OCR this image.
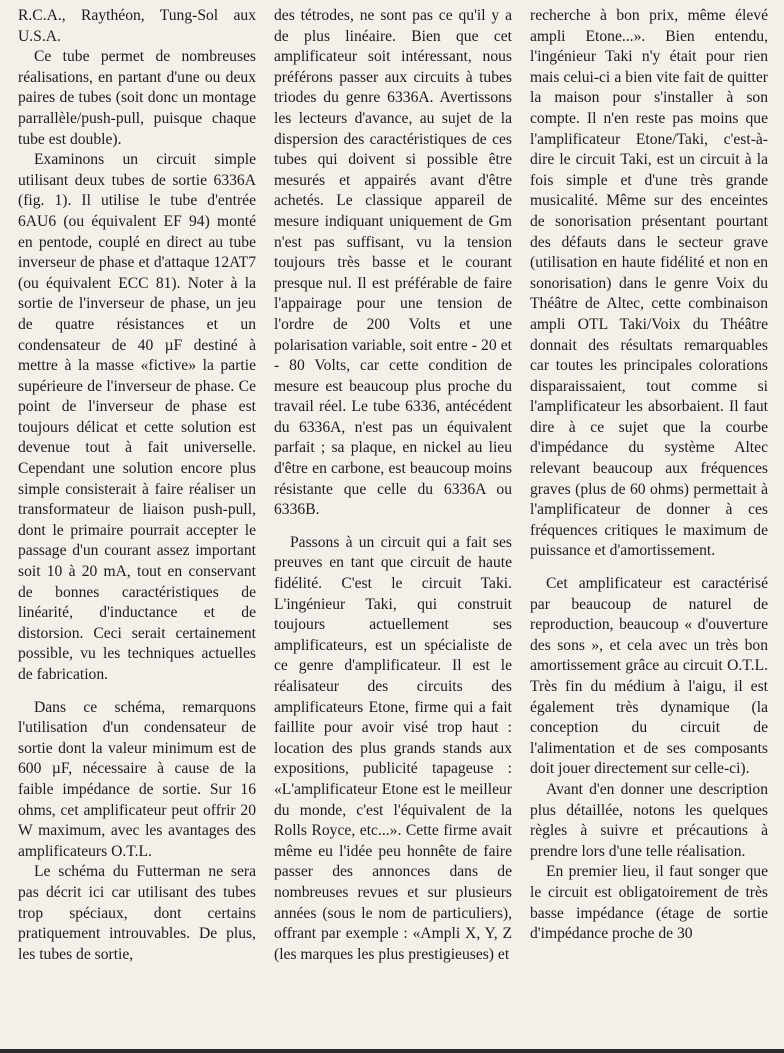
R.C.A., Raythéon, Tung-Sol aux U.S.A.

Ce tube permet de nombreuses réalisations, en partant d'une ou deux paires de tubes (soit donc un montage parrallèle/push-pull, puisque chaque tube est double).

Examinons un circuit simple utilisant deux tubes de sortie 6336A (fig. 1). Il utilise le tube d'entrée 6AU6 (ou équivalent EF 94) monté en pentode, couplé en direct au tube inverseur de phase et d'attaque 12AT7 (ou équivalent ECC 81). Noter à la sortie de l'inverseur de phase, un jeu de quatre résistances et un condensateur de 40 µF destiné à mettre à la masse «fictive» la partie supérieure de l'inverseur de phase. Ce point de l'inverseur de phase est toujours délicat et cette solution est devenue tout à fait universelle. Cependant une solution encore plus simple consisterait à faire réaliser un transformateur de liaison push-pull, dont le primaire pourrait accepter le passage d'un courant assez important soit 10 à 20 mA, tout en conservant de bonnes caractéristiques de linéarité, d'inductance et de distorsion. Ceci serait certainement possible, vu les techniques actuelles de fabrication.

Dans ce schéma, remarquons l'utilisation d'un condensateur de sortie dont la valeur minimum est de 600 µF, nécessaire à cause de la faible impédance de sortie. Sur 16 ohms, cet amplificateur peut offrir 20 W maximum, avec les avantages des amplificateurs O.T.L.

Le schéma du Futterman ne sera pas décrit ici car utilisant des tubes trop spéciaux, dont certains pratiquement introuvables. De plus, les tubes de sortie,

des tétrodes, ne sont pas ce qu'il y a de plus linéaire. Bien que cet amplificateur soit intéressant, nous préférons passer aux circuits à tubes triodes du genre 6336A. Avertissons les lecteurs d'avance, au sujet de la dispersion des caractéristiques de ces tubes qui doivent si possible être mesurés et appairés avant d'être achetés. Le classique appareil de mesure indiquant uniquement de Gm n'est pas suffisant, vu la tension toujours très basse et le courant presque nul. Il est préférable de faire l'appairage pour une tension de l'ordre de 200 Volts et une polarisation variable, soit entre - 20 et - 80 Volts, car cette condition de mesure est beaucoup plus proche du travail réel. Le tube 6336, antécédent du 6336A, n'est pas un équivalent parfait ; sa plaque, en nickel au lieu d'être en carbone, est beaucoup moins résistante que celle du 6336A ou 6336B.

Passons à un circuit qui a fait ses preuves en tant que circuit de haute fidélité. C'est le circuit Taki. L'ingénieur Taki, qui construit toujours actuellement ses amplificateurs, est un spécialiste de ce genre d'amplificateur. Il est le réalisateur des circuits des amplificateurs Etone, firme qui a fait faillite pour avoir visé trop haut : location des plus grands stands aux expositions, publicité tapageuse : «L'amplificateur Etone est le meilleur du monde, c'est l'équivalent de la Rolls Royce, etc...». Cette firme avait même eu l'idée peu honnête de faire passer des annonces dans de nombreuses revues et sur plusieurs années (sous le nom de particuliers), offrant par exemple : «Ampli X, Y, Z (les marques les plus prestigieuses) et

recherche à bon prix, même élevé ampli Etone...». Bien entendu, l'ingénieur Taki n'y était pour rien mais celui-ci a bien vite fait de quitter la maison pour s'installer à son compte. Il n'en reste pas moins que l'amplificateur Etone/Taki, c'est-à-dire le circuit Taki, est un circuit à la fois simple et d'une très grande musicalité. Même sur des enceintes de sonorisation présentant pourtant des défauts dans le secteur grave (utilisation en haute fidélité et non en sonorisation) dans le genre Voix du Théâtre de Altec, cette combinaison ampli OTL Taki/Voix du Théâtre donnait des résultats remarquables car toutes les principales colorations disparaissaient, tout comme si l'amplificateur les absorbaient. Il faut dire à ce sujet que la courbe d'impédance du système Altec relevant beaucoup aux fréquences graves (plus de 60 ohms) permettait à l'amplificateur de donner à ces fréquences critiques le maximum de puissance et d'amortissement.

Cet amplificateur est caractérisé par beaucoup de naturel de reproduction, beaucoup « d'ouverture des sons », et cela avec un très bon amortissement grâce au circuit O.T.L. Très fin du médium à l'aigu, il est également très dynamique (la conception du circuit de l'alimentation et de ses composants doit jouer directement sur celle-ci).

Avant d'en donner une description plus détaillée, notons les quelques règles à suivre et précautions à prendre lors d'une telle réalisation.

En premier lieu, il faut songer que le circuit est obligatoirement de très basse impédance (étage de sortie d'impédance proche de 30
